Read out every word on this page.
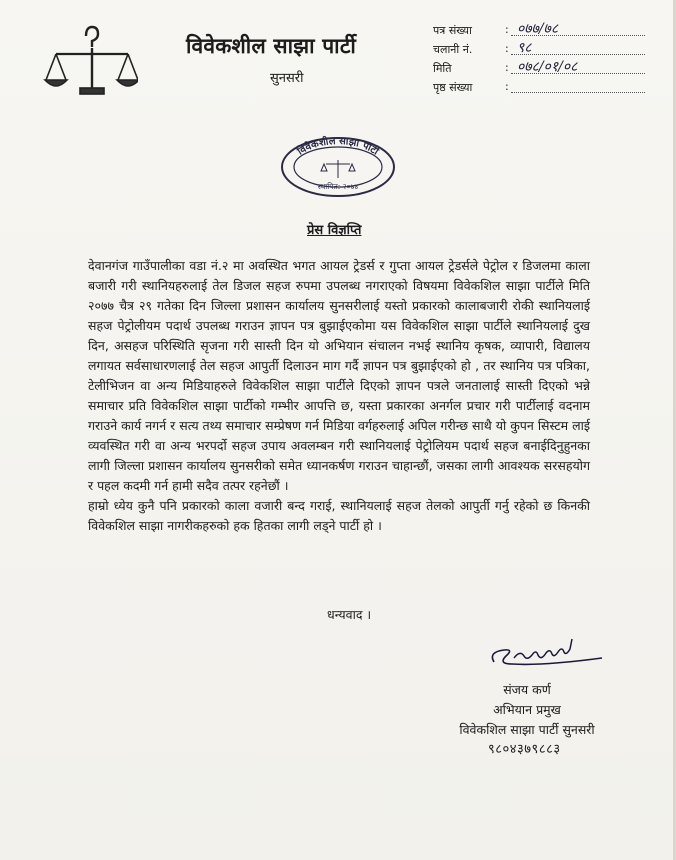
विवेकशील साझा पार्टी
सुनसरी
पत्र संख्या	: ०७७/७८
चलानी नं.	: ९८
मिति	: ०७८/०१/०८
पृष्ठ संख्या	:
विवेकशील साझा पार्टी
स्थापित: २०७४
प्रेस विज्ञप्ति

देवानगंज गाउँपालीका वडा नं.२ मा अवस्थित भगत आयल ट्रेडर्स र गुप्ता आयल ट्रेडर्सले पेट्रोल र डिजलमा काला बजारी गरी स्थानियहरुलाई तेल डिजल सहज रुपमा उपलब्ध नगराएको विषयमा विवेकशिल साझा पार्टीले मिति २०७७ चैत्र २९ गतेका दिन जिल्ला प्रशासन कार्यालय सुनसरीलाई यस्तो प्रकारको कालाबजारी रोकी स्थानियलाई सहज पेट्रोलीयम पदार्थ उपलब्ध गराउन ज्ञापन पत्र बुझाईएकोमा यस विवेकशिल साझा पार्टीले स्थानियलाई दुख दिन, असहज परिस्थिति सृजना गरी सास्ती दिन यो अभियान संचालन नभई स्थानिय कृषक, व्यापारी, विद्यालय लगायत सर्वसाधारणलाई तेल सहज आपुर्ती दिलाउन माग गर्दै ज्ञापन पत्र बुझाईएको हो , तर स्थानिय पत्र पत्रिका, टेलीभिजन वा अन्य मिडियाहरुले विवेकशिल साझा पार्टीले दिएको ज्ञापन पत्रले जनतालाई सास्ती दिएको भन्ने समाचार प्रति विवेकशिल साझा पार्टीको गम्भीर आपत्ति छ, यस्ता प्रकारका अनर्गल प्रचार गरी पार्टीलाई वदनाम गराउने कार्य नगर्न र सत्य तथ्य समाचार सम्प्रेषण गर्न मिडिया वर्गहरुलाई अपिल गरीन्छ साथै यो कुपन सिस्टम लाई व्यवस्थित गरी वा अन्य भरपर्दो सहज उपाय अवलम्बन गरी स्थानियलाई पेट्रोलियम पदार्थ सहज बनाईदिनुहुनका लागी जिल्ला प्रशासन कार्यालय सुनसरीको समेत ध्यानकर्षण गराउन चाहान्छौं, जसका लागी आवश्यक सरसहयोग र पहल कदमी गर्न हामी सदैव तत्पर रहनेछौं ।

हाम्रो ध्येय कुनै पनि प्रकारको काला वजारी बन्द गराई, स्थानियलाई सहज तेलको आपुर्ती गर्नु रहेको छ किनकी विवेकशिल साझा नागरीकहरुको हक हितका लागी लड्ने पार्टी हो ।

धन्यवाद ।
संजय कर्ण
अभियान प्रमुख
विवेकशिल साझा पार्टी सुनसरी
९८०४३७९८८३
